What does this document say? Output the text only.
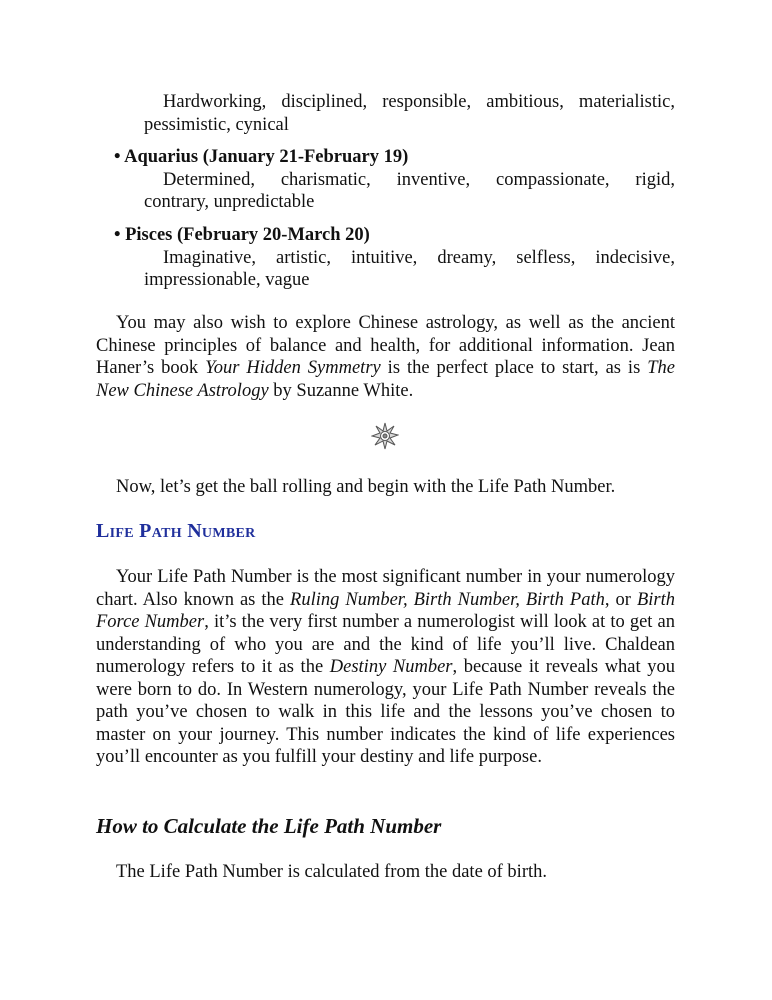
Hardworking, disciplined, responsible, ambitious, materialistic,
pessimistic, cynical

• Aquarius (January 21-February 19)

Determined, charismatic, inventive, compassionate, rigid,
contrary, unpredictable

• Pisces (February 20-March 20)

Imaginative, artistic, intuitive, dreamy, selfless, indecisive,
impressionable, vague

You may also wish to explore Chinese astrology, as well as the ancient Chinese principles of balance and health, for additional information. Jean Haner’s book Your Hidden Symmetry is the perfect place to start, as is The New Chinese Astrology by Suzanne White.

Now, let’s get the ball rolling and begin with the Life Path Number.

Life Path Number

Your Life Path Number is the most significant number in your numerology chart. Also known as the Ruling Number, Birth Number, Birth Path, or Birth Force Number, it’s the very first number a numerologist will look at to get an understanding of who you are and the kind of life you’ll live. Chaldean numerology refers to it as the Destiny Number, because it reveals what you were born to do. In Western numerology, your Life Path Number reveals the path you’ve chosen to walk in this life and the lessons you’ve chosen to master on your journey. This number indicates the kind of life experiences you’ll encounter as you fulfill your destiny and life purpose.

How to Calculate the Life Path Number

The Life Path Number is calculated from the date of birth.
